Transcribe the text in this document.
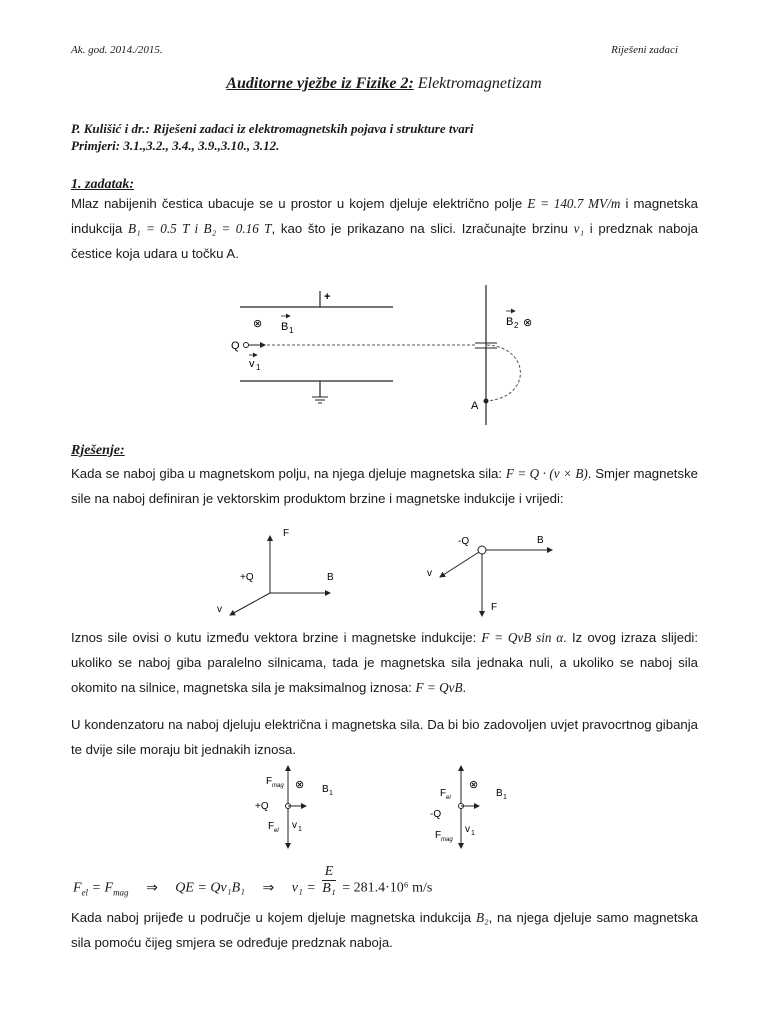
Ak. god. 2014./2015.	Riješeni zadaci
Auditorne vježbe iz Fizike 2: Elektromagnetizam
P. Kulišić i dr.: Riješeni zadaci iz elektromagnetskih pojava i strukture tvari
Primjeri: 3.1.,3.2., 3.4., 3.9.,3.10., 3.12.
1. zadatak:
Mlaz nabijenih čestica ubacuje se u prostor u kojem djeluje električno polje E = 140.7 MV/m i magnetska indukcija B₁ = 0.5 T i B₂ = 0.16 T, kao što je prikazano na slici. Izračunajte brzinu v₁ i predznak naboja čestice koja udara u točku A.
+
⊗ B 1
Q
v 1
B 2 ⊗
A
Rješenje:
Kada se naboj giba u magnetskom polju, na njega djeluje magnetska sila: F = Q · (v × B). Smjer magnetske sile na naboj definiran je vektorskim produktom brzine i magnetske indukcije i vrijedi:
F
+Q	B
v
-Q	B
v
F
Iznos sile ovisi o kutu između vektora brzine i magnetske indukcije: F = QvB sin α. Iz ovog izraza slijedi: ukoliko se naboj giba paralelno silnicama, tada je magnetska sila jednaka nuli, a ukoliko se naboj sila okomito na silnice, magnetska sila je maksimalnog iznosa: F = QvB.
U kondenzatoru na naboj djeluju električna i magnetska sila. Da bi bio zadovoljen uvjet pravocrtnog gibanja te dvije sile moraju bit jednakih iznosa.
F mag
+Q
F el
⊗ B 1
v 1
F el
-Q
F mag
⊗
B 1
v 1
$F_{el} = F_{mag}$ ⇒ QE = Qv₁B₁ ⇒ $v_1 = \frac{E}{\text{B₁}} = 281.4\cdot 10^6$ m/s
Kada naboj prijeđe u područje u kojem djeluje magnetska indukcija B₂, na njega djeluje samo magnetska sila pomoću čijeg smjera se određuje predznak naboja.
